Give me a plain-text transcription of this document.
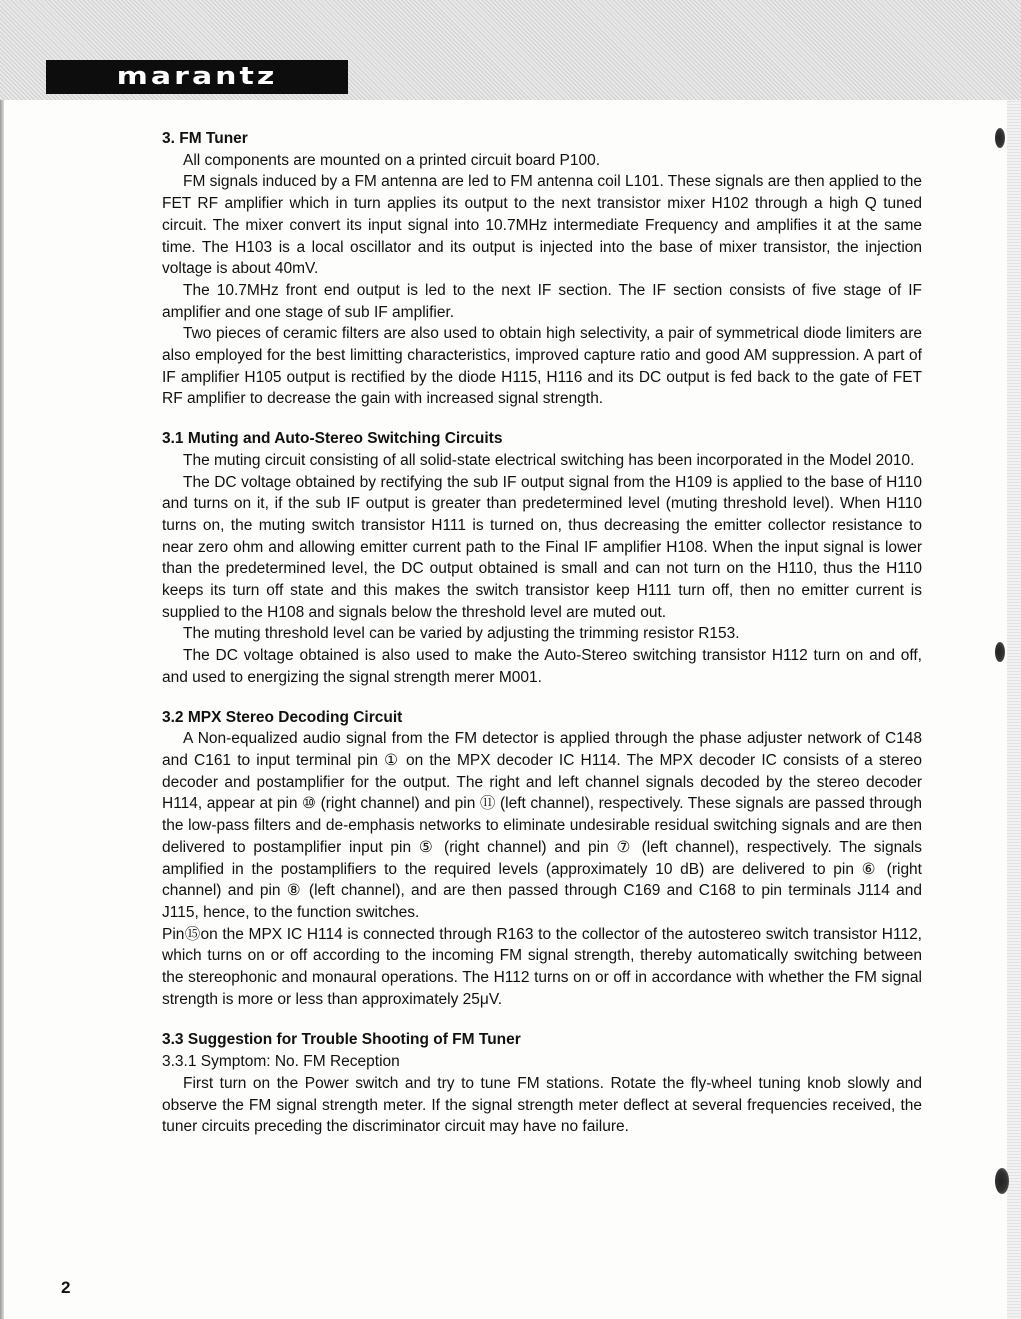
marantz

3. FM Tuner

All components are mounted on a printed circuit board P100.

FM signals induced by a FM antenna are led to FM antenna coil L101. These signals are then applied to the FET RF amplifier which in turn applies its output to the next transistor mixer H102 through a high Q tuned circuit. The mixer convert its input signal into 10.7MHz intermediate Frequency and amplifies it at the same time. The H103 is a local oscillator and its output is injected into the base of mixer transistor, the injection voltage is about 40mV.

The 10.7MHz front end output is led to the next IF section. The IF section consists of five stage of IF amplifier and one stage of sub IF amplifier.

Two pieces of ceramic filters are also used to obtain high selectivity, a pair of symmetrical diode limiters are also employed for the best limitting characteristics, improved capture ratio and good AM suppression. A part of IF amplifier H105 output is rectified by the diode H115, H116 and its DC output is fed back to the gate of FET RF amplifier to decrease the gain with increased signal strength.

3.1 Muting and Auto-Stereo Switching Circuits

The muting circuit consisting of all solid-state electrical switching has been incorporated in the Model 2010.

The DC voltage obtained by rectifying the sub IF output signal from the H109 is applied to the base of H110 and turns on it, if the sub IF output is greater than predetermined level (muting threshold level). When H110 turns on, the muting switch transistor H111 is turned on, thus decreasing the emitter collector resistance to near zero ohm and allowing emitter current path to the Final IF amplifier H108. When the input signal is lower than the predetermined level, the DC output obtained is small and can not turn on the H110, thus the H110 keeps its turn off state and this makes the switch transistor keep H111 turn off, then no emitter current is supplied to the H108 and signals below the threshold level are muted out.

The muting threshold level can be varied by adjusting the trimming resistor R153.

The DC voltage obtained is also used to make the Auto-Stereo switching transistor H112 turn on and off, and used to energizing the signal strength merer M001.

3.2 MPX Stereo Decoding Circuit

A Non-equalized audio signal from the FM detector is applied through the phase adjuster network of C148 and C161 to input terminal pin ① on the MPX decoder IC H114. The MPX decoder IC consists of a stereo decoder and postamplifier for the output. The right and left channel signals decoded by the stereo decoder H114, appear at pin ⑩ (right channel) and pin ⑪ (left channel), respectively. These signals are passed through the low-pass filters and de-emphasis networks to eliminate undesirable residual switching signals and are then delivered to postamplifier input pin ⑤ (right channel) and pin ⑦ (left channel), respectively. The signals amplified in the postamplifiers to the required levels (approximately 10 dB) are delivered to pin ⑥ (right channel) and pin ⑧ (left channel), and are then passed through C169 and C168 to pin terminals J114 and J115, hence, to the function switches.

Pin⑮on the MPX IC H114 is connected through R163 to the collector of the autostereo switch transistor H112, which turns on or off according to the incoming FM signal strength, thereby automatically switching between the stereophonic and monaural operations. The H112 turns on or off in accordance with whether the FM signal strength is more or less than approximately 25μV.

3.3 Suggestion for Trouble Shooting of FM Tuner

3.3.1 Symptom: No. FM Reception

First turn on the Power switch and try to tune FM stations. Rotate the fly-wheel tuning knob slowly and observe the FM signal strength meter. If the signal strength meter deflect at several frequencies received, the tuner circuits preceding the discriminator circuit may have no failure.

2
